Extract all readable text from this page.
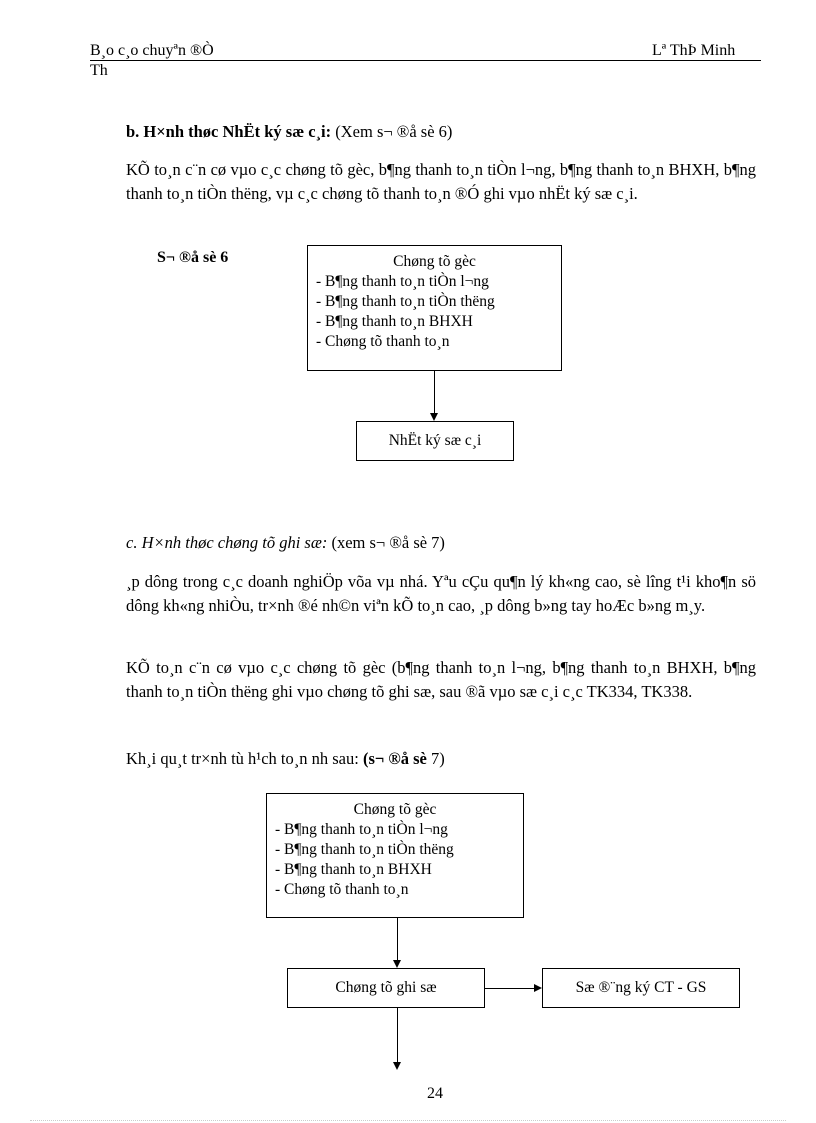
B¸o c¸o chuyªn ®Ò	Lª ThÞ Minh
Th
b. H×nh thøc NhËt ký sæ c¸i: (Xem s¬ ®å sè 6)
KÕ to¸n c¨n cø vµo c¸c chøng tõ gèc, b¶ng thanh to¸n tiÒn l¬ng, b¶ng thanh to¸n BHXH, b¶ng thanh to¸n tiÒn thëng, vµ c¸c chøng tõ thanh to¸n ®Ó ghi vµo nhËt ký sæ c¸i.
S¬ ®å sè 6	Chøng tõ gèc
- B¶ng thanh to¸n tiÒn l¬ng
- B¶ng thanh to¸n tiÒn thëng
- B¶ng thanh to¸n BHXH
- Chøng tõ thanh to¸n
NhËt ký sæ c¸i
c. H×nh thøc chøng tõ ghi sæ: (xem s¬ ®å sè 7)
¸p dông trong c¸c doanh nghiÖp võa vµ nhá. Yªu cÇu qu¶n lý kh«ng cao, sè lîng t¹i kho¶n sö dông kh«ng nhiÒu, tr×nh ®é nh©n viªn kÕ to¸n cao, ¸p dông b»ng tay hoÆc b»ng m¸y.
KÕ to¸n c¨n cø vµo c¸c chøng tõ gèc (b¶ng thanh to¸n l¬ng, b¶ng thanh to¸n BHXH, b¶ng thanh to¸n tiÒn thëng ghi vµo chøng tõ ghi sæ, sau ®ã vµo sæ c¸i c¸c TK334, TK338.
Kh¸i qu¸t tr×nh tù h¹ch to¸n nh sau: (s¬ ®å sè 7)
Chøng tõ gèc
- B¶ng thanh to¸n tiÒn l¬ng
- B¶ng thanh to¸n tiÒn thëng
- B¶ng thanh to¸n BHXH
- Chøng tõ thanh to¸n
Chøng tõ ghi sæ	Sæ ®¨ng ký CT - GS
24
